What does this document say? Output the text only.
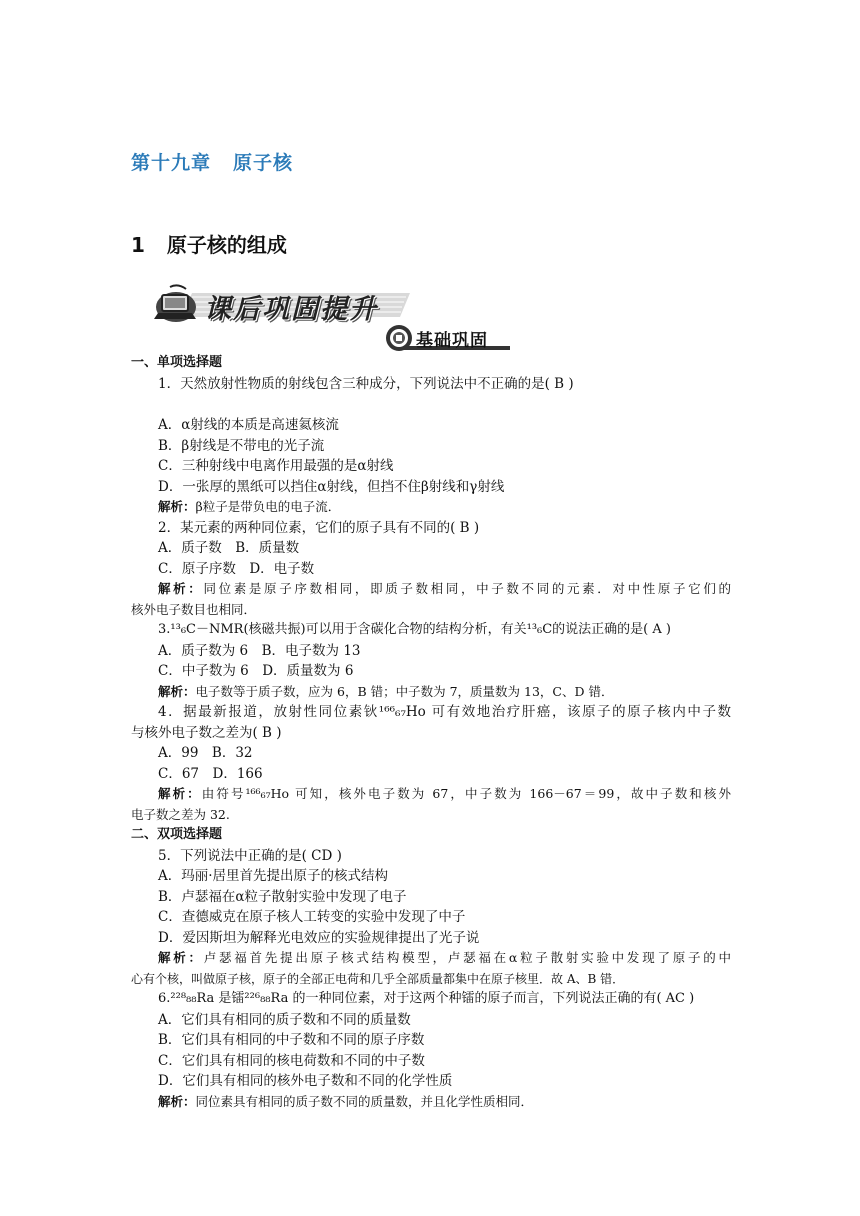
第十九章 原子核
1 原子核的组成
课后巩固提升
基础巩固
一、单项选择题
1．天然放射性物质的射线包含三种成分，下列说法中不正确的是( B )
A．α射线的本质是高速氦核流
B．β射线是不带电的光子流
C．三种射线中电离作用最强的是α射线
D．一张厚的黑纸可以挡住α射线，但挡不住β射线和γ射线
解析：β粒子是带负电的电子流．
2．某元素的两种同位素，它们的原子具有不同的( B )
A．质子数　B．质量数
C．原子序数　D．电子数
解析：同位素是原子序数相同，即质子数相同，中子数不同的元素．对中性原子它们的
核外电子数目也相同．
3.¹³₆C－NMR(核磁共振)可以用于含碳化合物的结构分析，有关¹³₆C的说法正确的是( A )
A．质子数为 6　B．电子数为 13
C．中子数为 6　D．质量数为 6
解析：电子数等于质子数，应为 6，B 错；中子数为 7，质量数为 13，C、D 错．
4．据最新报道，放射性同位素钬¹⁶⁶₆₇Ho 可有效地治疗肝癌，该原子的原子核内中子数
与核外电子数之差为( B )
A．99　B．32
C．67　D．166
解析：由符号¹⁶⁶₆₇Ho 可知，核外电子数为 67，中子数为 166－67＝99，故中子数和核外
电子数之差为 32.
二、双项选择题
5．下列说法中正确的是( CD )
A．玛丽·居里首先提出原子的核式结构
B．卢瑟福在α粒子散射实验中发现了电子
C．查德威克在原子核人工转变的实验中发现了中子
D．爱因斯坦为解释光电效应的实验规律提出了光子说
解析：卢瑟福首先提出原子核式结构模型，卢瑟福在α粒子散射实验中发现了原子的中
心有个核，叫做原子核，原子的全部正电荷和几乎全部质量都集中在原子核里．故 A、B 错．
6.²²⁸₈₈Ra 是镭²²⁶₈₈Ra 的一种同位素，对于这两个种镭的原子而言，下列说法正确的有( AC )
A．它们具有相同的质子数和不同的质量数
B．它们具有相同的中子数和不同的原子序数
C．它们具有相同的核电荷数和不同的中子数
D．它们具有相同的核外电子数和不同的化学性质
解析：同位素具有相同的质子数不同的质量数，并且化学性质相同．
